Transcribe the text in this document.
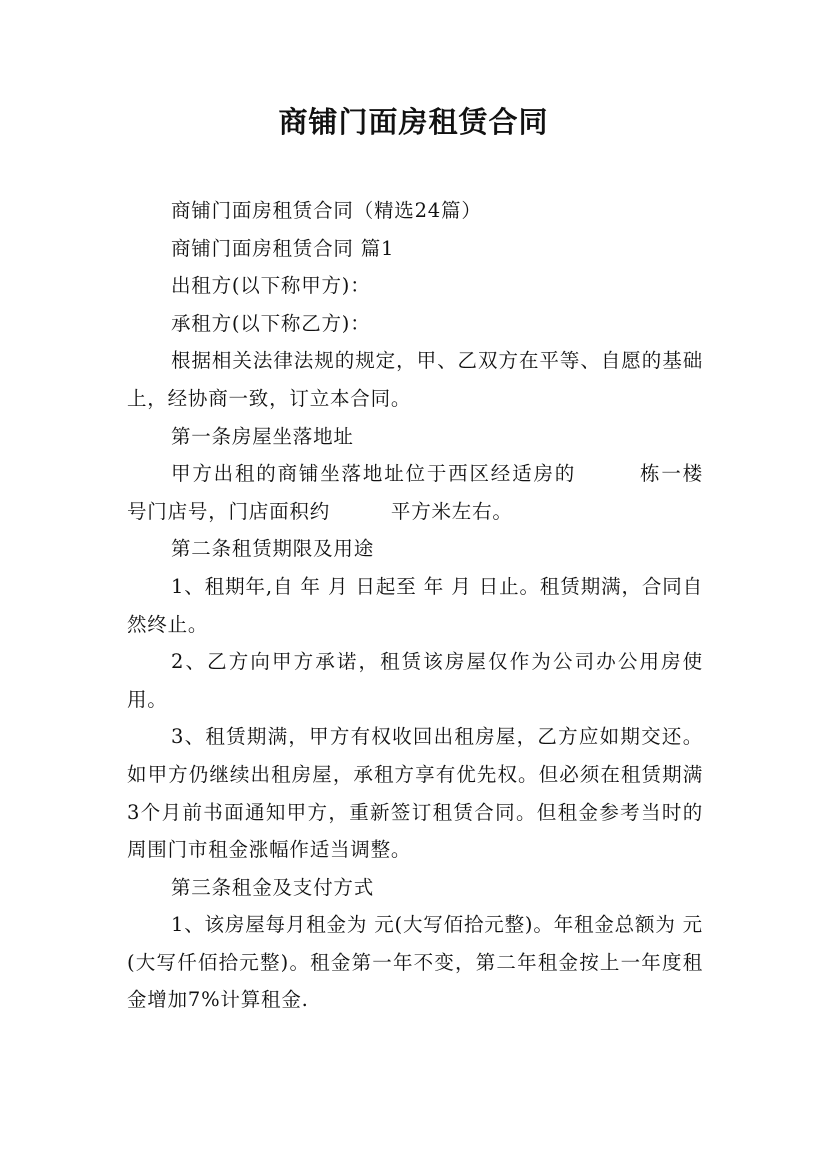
商铺门面房租赁合同

商铺门面房租赁合同（精选24篇）

商铺门面房租赁合同 篇1

出租方(以下称甲方)：

承租方(以下称乙方)：

根据相关法律法规的规定，甲、乙双方在平等、自愿的基础上，经协商一致，订立本合同。

第一条房屋坐落地址

甲方出租的商铺坐落地址位于西区经适房的　　　栋一楼　　　号门店号，门店面积约　　　平方米左右。

第二条租赁期限及用途

1、租期年,自 年 月 日起至 年 月 日止。租赁期满，合同自然终止。

2、乙方向甲方承诺，租赁该房屋仅作为公司办公用房使用。

3、租赁期满，甲方有权收回出租房屋，乙方应如期交还。如甲方仍继续出租房屋，承租方享有优先权。但必须在租赁期满3个月前书面通知甲方，重新签订租赁合同。但租金参考当时的周围门市租金涨幅作适当调整。

第三条租金及支付方式

1、该房屋每月租金为 元(大写佰拾元整)。年租金总额为 元(大写仟佰拾元整)。租金第一年不变，第二年租金按上一年度租金增加7%计算租金.
